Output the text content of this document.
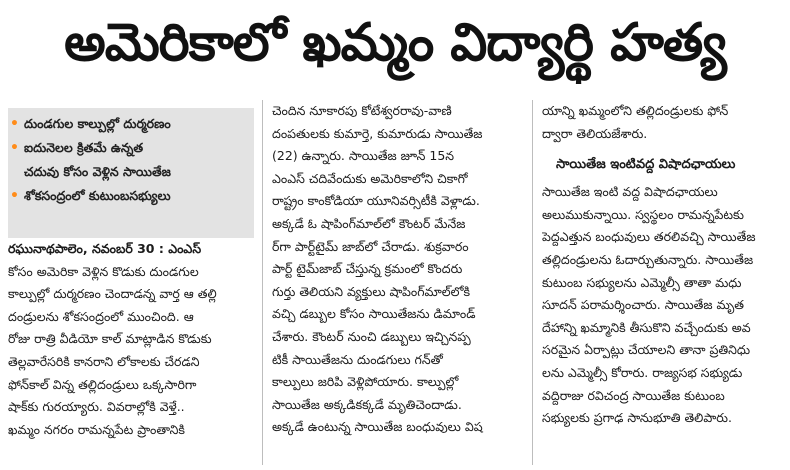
అమెరికాలో ఖమ్మం విద్యార్థి హత్య
• దుండగుల కాల్పుల్లో దుర్మరణం
• ఐదునెలల క్రితమే ఉన్నత
చదువు కోసం వెళ్లిన సాయితేజ
• శోకసంద్రంలో కుటుంబసభ్యులు
రఘునాథపాలెం, నవంబర్ 30 : ఎంఎస్
కోసం అమెరికా వెళ్లిన కొడుకు దుండగుల
కాల్పుల్లో దుర్మరణం చెందాడన్న వార్త ఆ తల్లి
దండ్రులను శోకసంద్రంలో ముంచింది. ఆ
రోజు రాత్రి వీడియో కాల్ మాట్లాడిన కొడుకు
తెల్లవారేసరికి కానరాని లోకాలకు చేరడని
ఫోన్‌కాల్ విన్న తల్లిదండ్రులు ఒక్కసారిగా
షాక్‌కు గురయ్యారు. వివరాల్లోకి వెళ్తే..
ఖమ్మం నగరం రామన్నపేట ప్రాంతానికి
చెందిన నూకారపు కోటేశ్వరరావు-వాణి
దంపతులకు కుమార్తె, కుమారుడు సాయితేజ
(22) ఉన్నారు. సాయితేజ జూన్ 15న
ఎంఎస్ చదివేందుకు అమెరికాలోని చికాగో
రాష్ట్రం కాంకోడియా యూనివర్సిటీకి వెళ్లాడు.
అక్కడే ఓ షాపింగ్‌మాల్‌లో కౌంటర్ మేనేజ
ర్‌గా పార్ట్‌టైమ్ జాబ్‌లో చేరాడు. శుక్రవారం
పార్ట్ టైమ్‌జాబ్ చేస్తున్న క్రమంలో కొందరు
గుర్తు తెలియని వ్యక్తులు షాపింగ్‌మాల్‌లోకి
వచ్చి డబ్బుల కోసం సాయితేజను డిమాండ్
చేశారు. కౌంటర్ నుంచి డబ్బులు ఇచ్చినప్ప
టికీ సాయితేజను దుండగులు గన్‌తో
కాల్పులు జరిపి వెళ్లిపోయారు. కాల్పుల్లో
సాయితేజ అక్కడికక్కడే మృతిచెందాడు.
అక్కడే ఉంటున్న సాయితేజ బంధువులు విష
యాన్ని ఖమ్మంలోని తల్లిదండ్రులకు ఫోన్
ద్వారా తెలియజేశారు.
సాయితేజ ఇంటివద్ద విషాదఛాయలు
సాయితేజ ఇంటి వద్ద విషాదఛాయలు
అలుముకున్నాయి. స్వస్థలం రామన్నపేటకు
పెద్దఎత్తున బంధువులు తరలివచ్చి సాయితేజ
తల్లిదండ్రులను ఓదార్చుతున్నారు. సాయితేజ
కుటుంబ సభ్యులను ఎమ్మెల్సీ తాతా మధు
సూదన్ పరామర్శించారు. సాయితేజ మృత
దేహాన్ని ఖమ్మానికి తీసుకొని వచ్చేందుకు అవ
సరమైన ఏర్పాట్లు చేయాలని తానా ప్రతినిధు
లను ఎమ్మెల్సీ కోరారు. రాజ్యసభ సభ్యుడు
వద్దిరాజు రవిచంద్ర సాయితేజ కుటుంబ
సభ్యులకు ప్రగాఢ సానుభూతి తెలిపారు.
